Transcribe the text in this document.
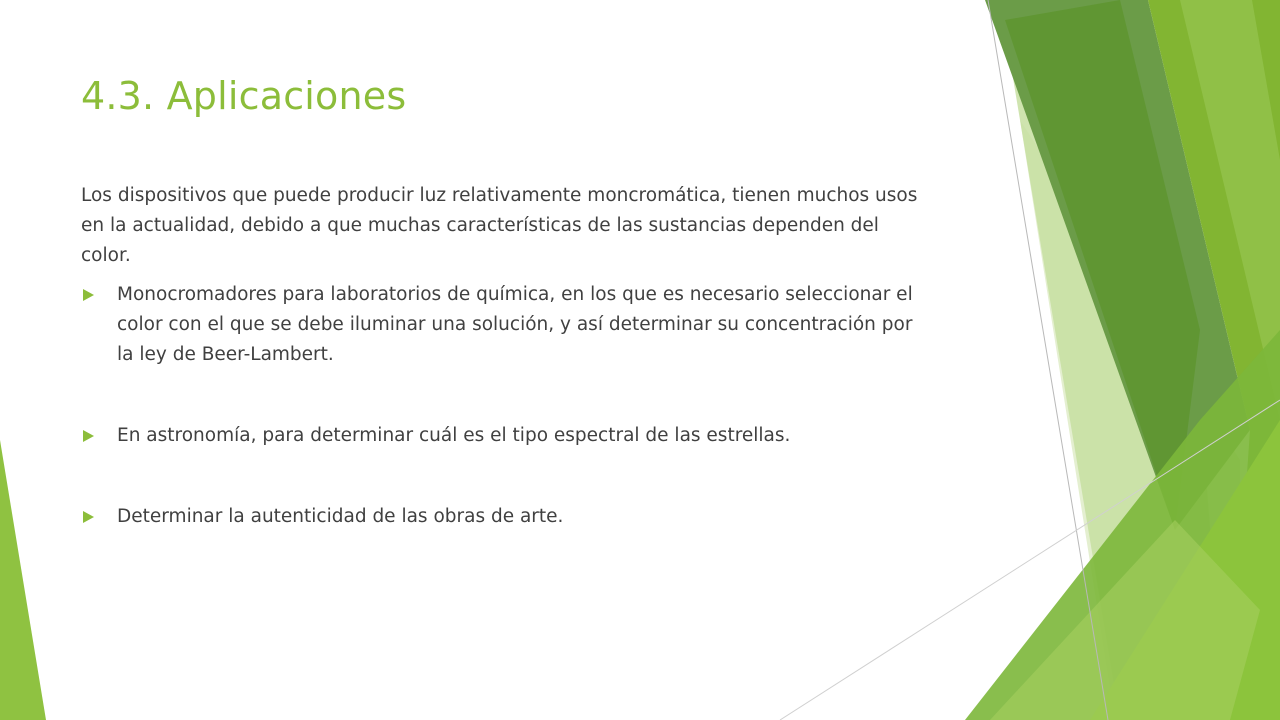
4.3. Aplicaciones

Los dispositivos que puede producir luz relativamente moncromática, tienen muchos usos en la actualidad, debido a que muchas características de las sustancias dependen del color.

Monocromadores para laboratorios de química, en los que es necesario seleccionar el color con el que se debe iluminar una solución, y así determinar su concentración por la ley de Beer-Lambert.
En astronomía, para determinar cuál es el tipo espectral de las estrellas.
Determinar la autenticidad de las obras de arte.
